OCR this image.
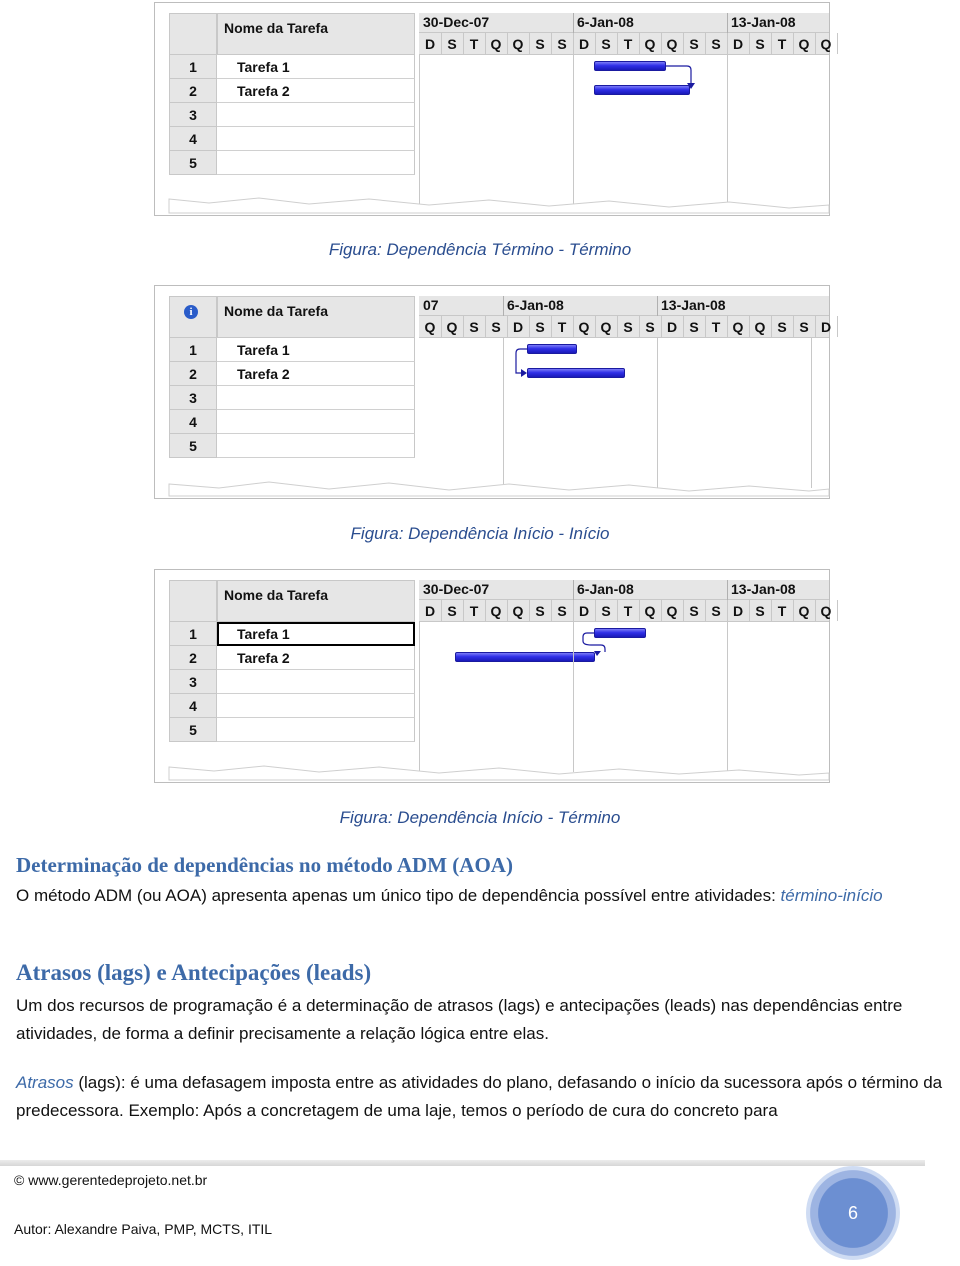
Nome da Tarefa
1	Tarefa 1
2	Tarefa 2
3
4
5
30-Dec-07	6-Jan-08	13-Jan-08
D S T Q Q S S D S T Q Q S S D S T Q Q
Figura: Dependência Término - Término
i	Nome da Tarefa
1	Tarefa 1
2	Tarefa 2
3
4
5
07	6-Jan-08	13-Jan-08
Q Q S S D S T Q Q S S D S T Q Q S S D
Figura: Dependência Início - Início
Nome da Tarefa
1	Tarefa 1
2	Tarefa 2
3
4
5
30-Dec-07	6-Jan-08	13-Jan-08
D S T Q Q S S D S T Q Q S S D S T Q Q
Figura: Dependência Início - Término
Determinação de dependências no método ADM (AOA)
O método ADM (ou AOA) apresenta apenas um único tipo de dependência possível entre atividades: término-início
Atrasos (lags) e Antecipações (leads)
Um dos recursos de programação é a determinação de atrasos (lags) e antecipações (leads) nas dependências entre atividades, de forma a definir precisamente a relação lógica entre elas.
Atrasos (lags): é uma defasagem imposta entre as atividades do plano, defasando o início da sucessora após o término da predecessora. Exemplo: Após a concretagem de uma laje, temos o período de cura do concreto para
© www.gerentedeprojeto.net.br
Autor: Alexandre Paiva, PMP, MCTS, ITIL
6
